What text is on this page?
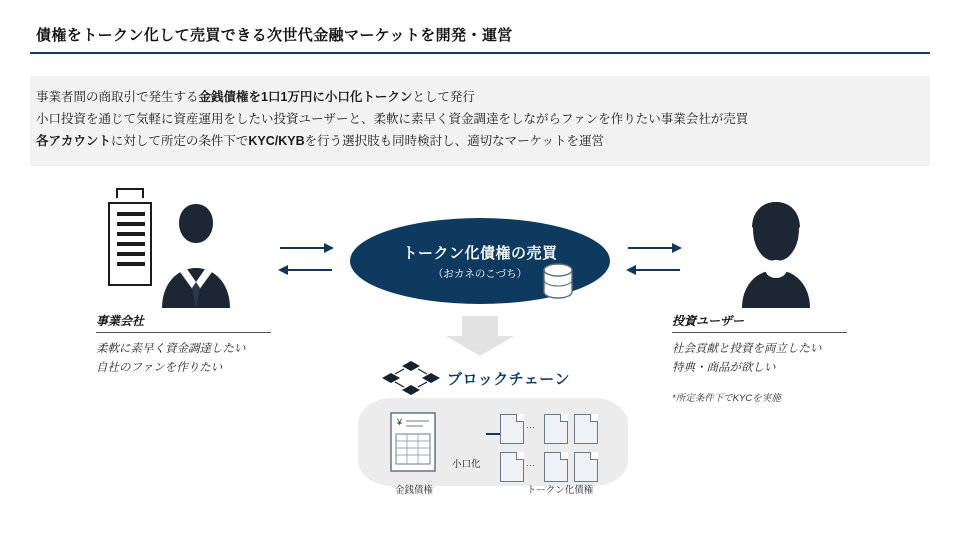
債権をトークン化して売買できる次世代金融マーケットを開発・運営
事業者間の商取引で発生する金銭債権を1口1万円に小口化トークンとして発行
小口投資を通じて気軽に資産運用をしたい投資ユーザーと、柔軟に素早く資金調達をしながらファンを作りたい事業会社が売買
各アカウントに対して所定の条件下でKYC/KYBを行う選択肢も同時検討し、適切なマーケットを運営
事業会社
柔軟に素早く資金調達したい
自社のファンを作りたい
投資ユーザー
社会貢献と投資を両立したい
特典・商品が欲しい
*所定条件下でKYCを実施
トークン化債権の売買
（おカネのこづち）
ブロックチェーン
¥
金銭債権
小口化
…
…
トークン化債権
